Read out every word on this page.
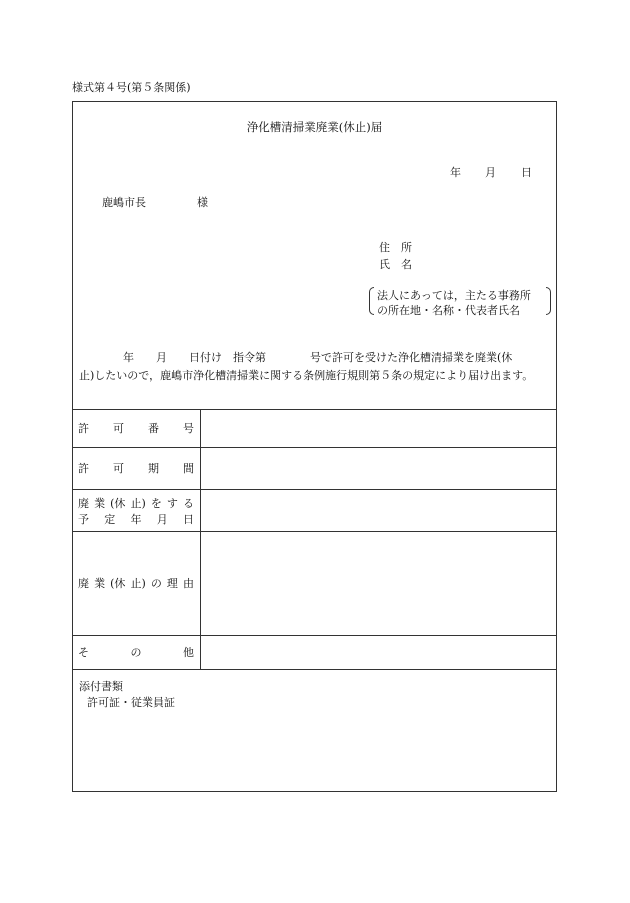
様式第４号(第５条関係)
浄化槽清掃業廃業(休止)届
年 月 日
鹿嶋市長	様
住　所
氏　名
法人にあっては，主たる事務所
の所在地・名称・代表者氏名
　　　　年　　月　　日付け　指令第　　　　号で許可を受けた浄化槽清掃業を廃業(休
止)したいので，鹿嶋市浄化槽清掃業に関する条例施行規則第５条の規定により届け出ます。
許 可 番 号
許 可 期 間
廃 業 (休 止) を す る
予 定 年 月 日
廃 業 (休 止) の 理 由
そ	の	他
添付書類
許可証・従業員証
